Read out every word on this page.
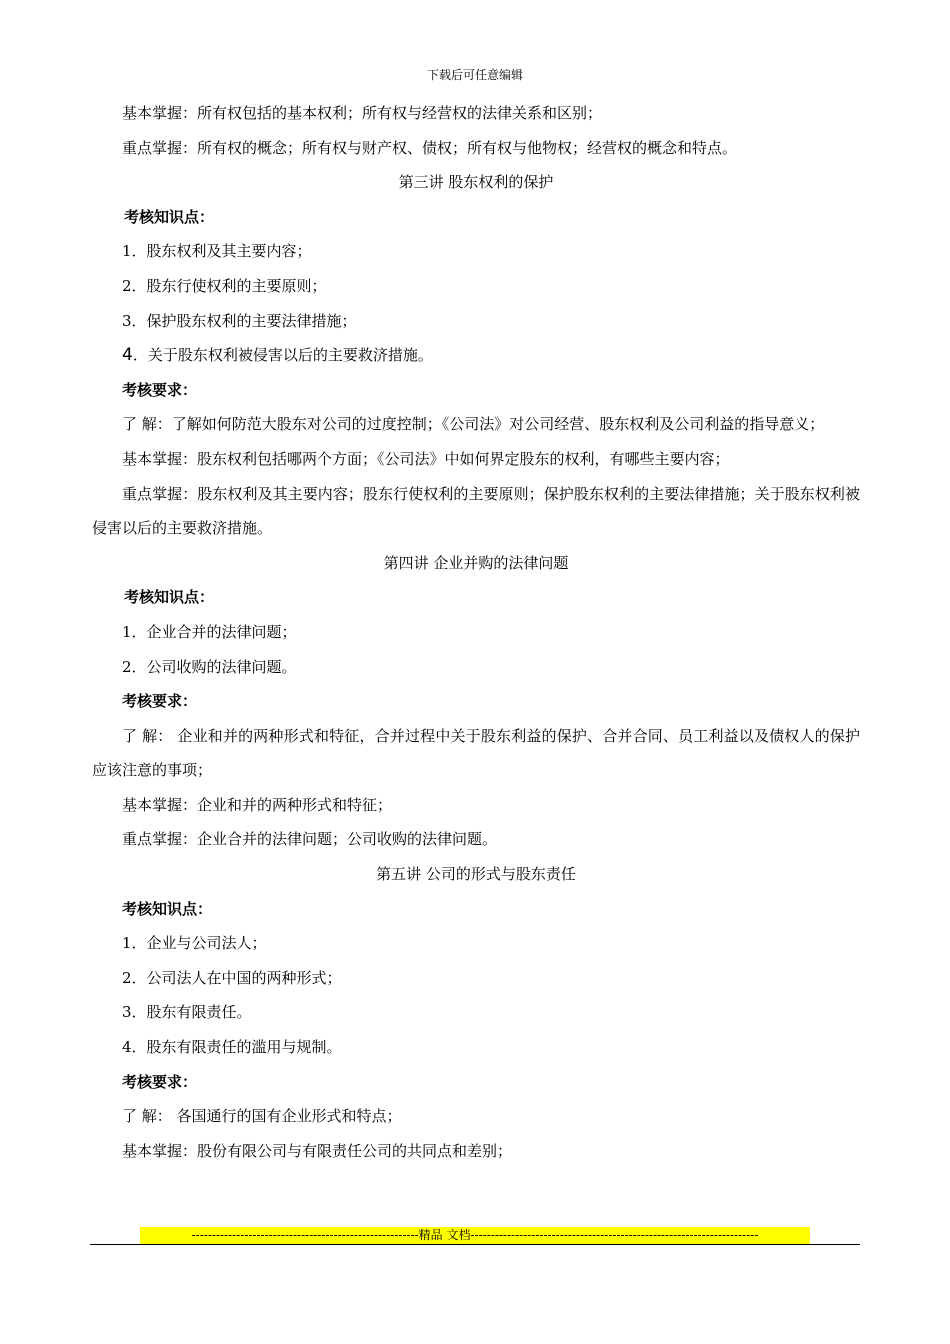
下载后可任意编辑
基本掌握：所有权包括的基本权利；所有权与经营权的法律关系和区别；
重点掌握：所有权的概念；所有权与财产权、债权；所有权与他物权；经营权的概念和特点。
第三讲 股东权利的保护
考核知识点：
1．股东权利及其主要内容；
2．股东行使权利的主要原则；
3．保护股东权利的主要法律措施；
4．关于股东权利被侵害以后的主要救济措施。
考核要求：
了 解：了解如何防范大股东对公司的过度控制；《公司法》对公司经营、股东权利及公司利益的指导意义；
基本掌握：股东权利包括哪两个方面；《公司法》中如何界定股东的权利，有哪些主要内容；
重点掌握：股东权利及其主要内容；股东行使权利的主要原则；保护股东权利的主要法律措施；关于股东权利被侵害以后的主要救济措施。
第四讲 企业并购的法律问题
考核知识点：
1．企业合并的法律问题；
2．公司收购的法律问题。
考核要求：
了 解： 企业和并的两种形式和特征，合并过程中关于股东利益的保护、合并合同、员工利益以及债权人的保护应该注意的事项；
基本掌握：企业和并的两种形式和特征；
重点掌握：企业合并的法律问题；公司收购的法律问题。
第五讲 公司的形式与股东责任
考核知识点：
1．企业与公司法人；
2．公司法人在中国的两种形式；
3．股东有限责任。
4．股东有限责任的滥用与规制。
考核要求：
了 解： 各国通行的国有企业形式和特点；
基本掌握：股份有限公司与有限责任公司的共同点和差别；
--------------------------------------------------------精品 文档-----------------------------------------------------------------------
